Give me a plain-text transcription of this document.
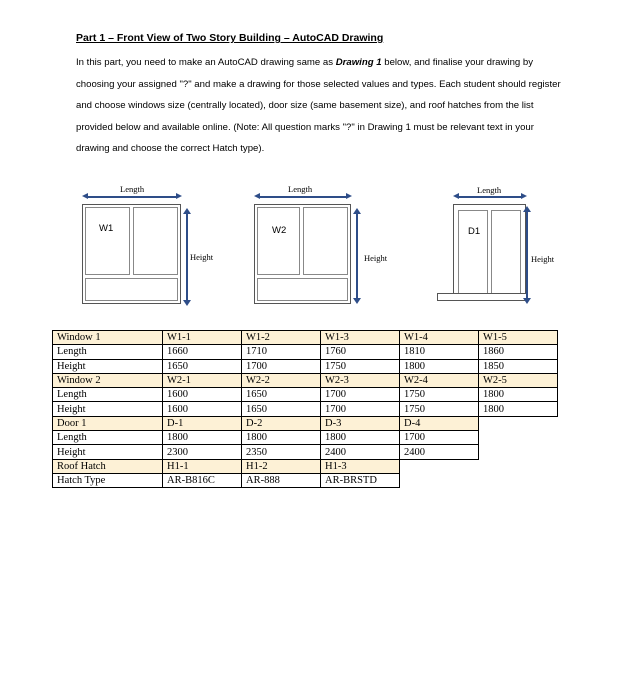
Part 1 – Front View of Two Story Building – AutoCAD Drawing

In this part, you need to make an AutoCAD drawing same as Drawing 1 below, and finalise your drawing by choosing your assigned "?" and make a drawing for those selected values and types. Each student should register and choose windows size (centrally located), door size (same basement size), and roof hatches from the list provided below and available online. (Note: All question marks "?" in Drawing 1 must be relevant text in your drawing and choose the correct Hatch type).

Length
W1
Height
Length
W2
Height
Length
D1
Height
Window 1	W1-1	W1-2	W1-3	W1-4	W1-5
Length	1660	1710	1760	1810	1860
Height	1650	1700	1750	1800	1850
Window 2	W2-1	W2-2	W2-3	W2-4	W2-5
Length	1600	1650	1700	1750	1800
Height	1600	1650	1700	1750	1800
Door 1	D-1	D-2	D-3	D-4	
Length	1800	1800	1800	1700	
Height	2300	2350	2400	2400	
Roof Hatch	H1-1	H1-2	H1-3		
Hatch Type	AR-B816C	AR-888	AR-BRSTD		
